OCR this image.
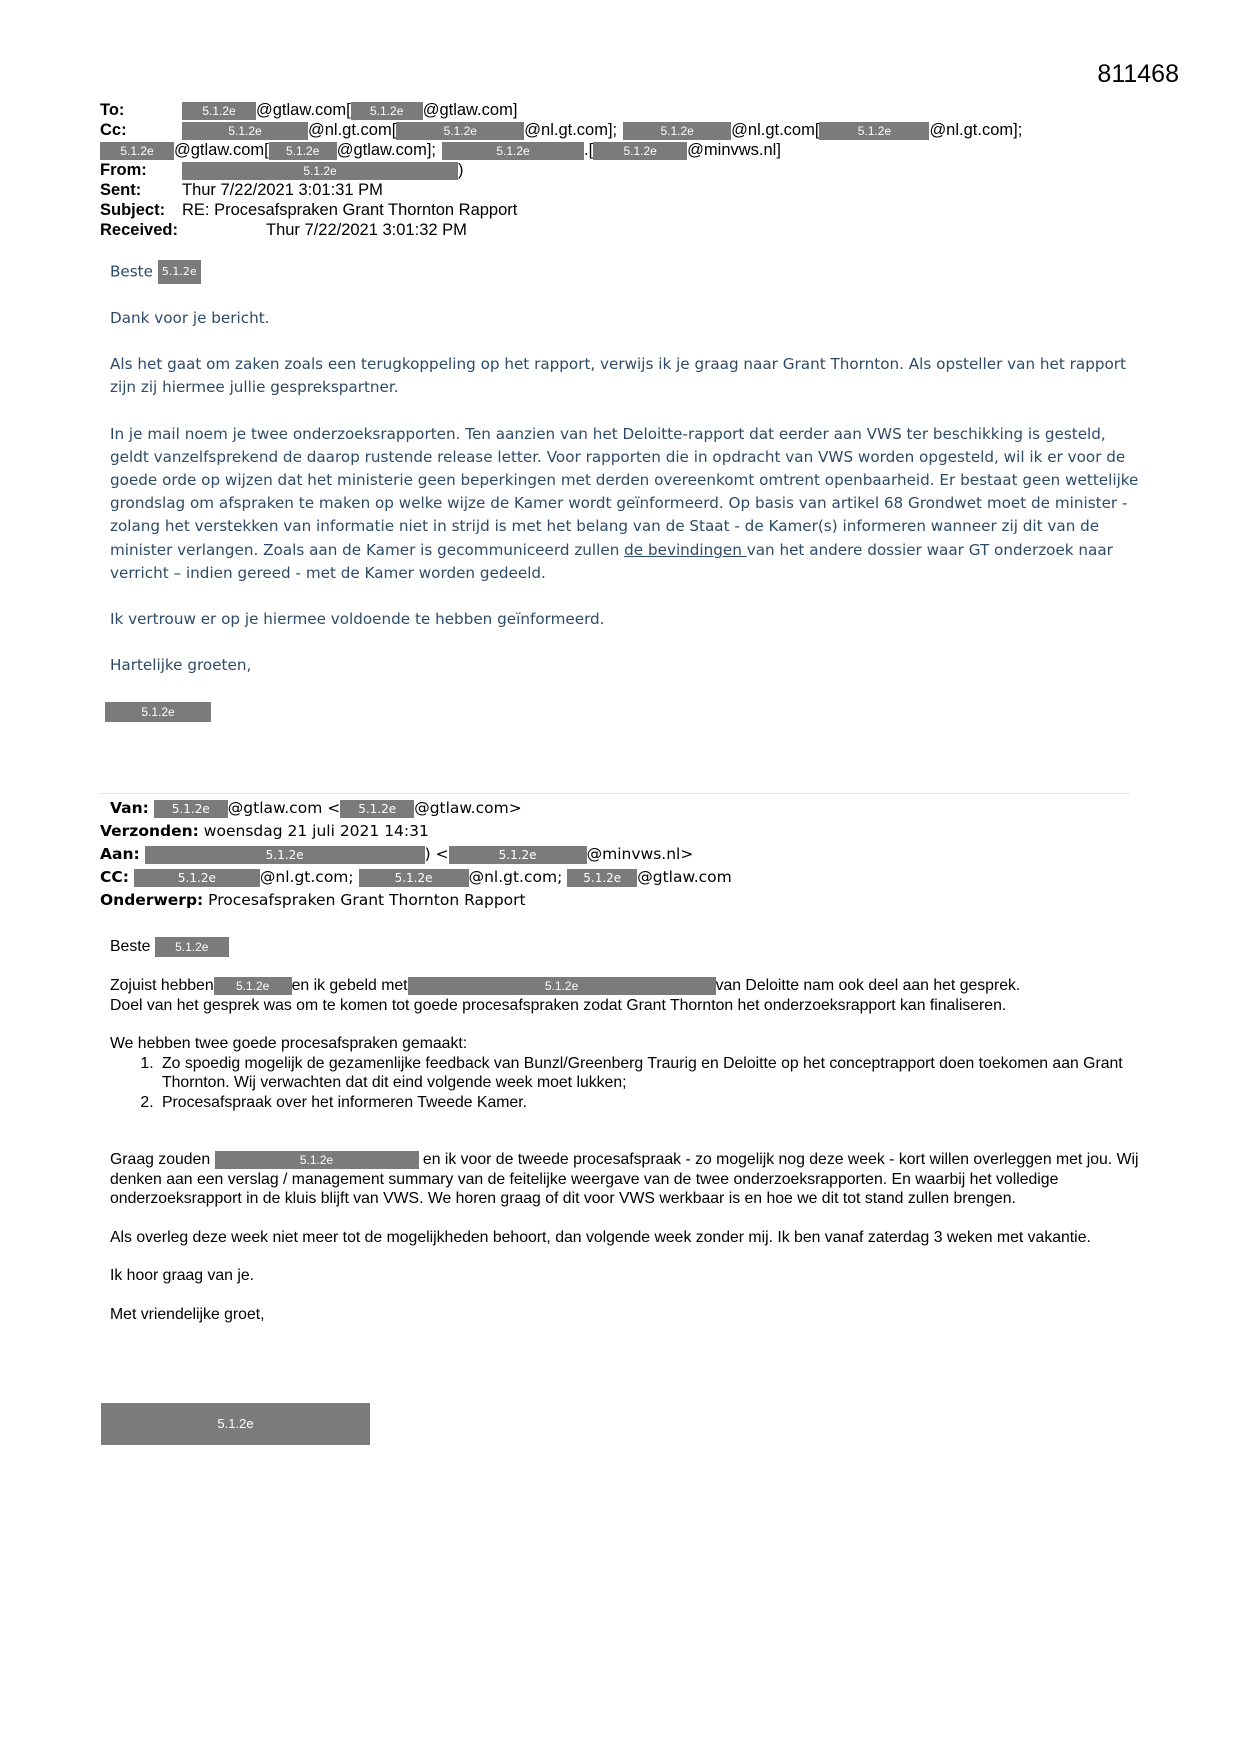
811468
To:	5.1.2e	@gtlaw.com[	5.1.2e	@gtlaw.com]
Cc:	5.1.2e	@nl.gt.com[	5.1.2e	@nl.gt.com];	5.1.2e	@nl.gt.com[	5.1.2e	@nl.gt.com];
5.1.2e	@gtlaw.com[	5.1.2e	@gtlaw.com];	5.1.2e	.[	5.1.2e	@minvws.nl]
From:	5.1.2e	)
Sent:	Thur 7/22/2021 3:01:31 PM
Subject:	RE: Procesafspraken Grant Thornton Rapport
Received:	Thur 7/22/2021 3:01:32 PM

Beste 5.1.2e

Dank voor je bericht.

Als het gaat om zaken zoals een terugkoppeling op het rapport, verwijs ik je graag naar Grant Thornton. Als opsteller van het rapport zijn zij hiermee jullie gesprekspartner.

In je mail noem je twee onderzoeksrapporten. Ten aanzien van het Deloitte-rapport dat eerder aan VWS ter beschikking is gesteld, geldt vanzelfsprekend de daarop rustende release letter. Voor rapporten die in opdracht van VWS worden opgesteld, wil ik er voor de goede orde op wijzen dat het ministerie geen beperkingen met derden overeenkomt omtrent openbaarheid. Er bestaat geen wettelijke grondslag om afspraken te maken op welke wijze de Kamer wordt geïnformeerd. Op basis van artikel 68 Grondwet moet de minister - zolang het verstekken van informatie niet in strijd is met het belang van de Staat - de Kamer(s) informeren wanneer zij dit van de minister verlangen. Zoals aan de Kamer is gecommuniceerd zullen de bevindingen van het andere dossier waar GT onderzoek naar verricht – indien gereed - met de Kamer worden gedeeld.

Ik vertrouw er op je hiermee voldoende te hebben geïnformeerd.

Hartelijke groeten,

5.1.2e
Van: 5.1.2e @gtlaw.com < 5.1.2e @gtlaw.com>
Verzonden: woensdag 21 juli 2021 14:31
Aan:	5.1.2e	) <	5.1.2e	@minvws.nl>
CC:	5.1.2e	@nl.gt.com;	5.1.2e @nl.gt.com; 5.1.2e @gtlaw.com
Onderwerp: Procesafspraken Grant Thornton Rapport

Beste 5.1.2e

Zojuist hebben 5.1.2e en ik gebeld met	5.1.2e	van Deloitte nam ook deel aan het gesprek.
Doel van het gesprek was om te komen tot goede procesafspraken zodat Grant Thornton het onderzoeksrapport kan finaliseren.

We hebben twee goede procesafspraken gemaakt:
1. Zo spoedig mogelijk de gezamenlijke feedback van Bunzl/Greenberg Traurig en Deloitte op het conceptrapport doen toekomen aan Grant Thornton. Wij verwachten dat dit eind volgende week moet lukken;
2. Procesafspraak over het informeren Tweede Kamer.

Graag zouden	5.1.2e	en ik voor de tweede procesafspraak - zo mogelijk nog deze week - kort willen overleggen met jou. Wij denken aan een verslag / management summary van de feitelijke weergave van de twee onderzoeksrapporten. En waarbij het volledige onderzoeksrapport in de kluis blijft van VWS. We horen graag of dit voor VWS werkbaar is en hoe we dit tot stand zullen brengen.

Als overleg deze week niet meer tot de mogelijkheden behoort, dan volgende week zonder mij. Ik ben vanaf zaterdag 3 weken met vakantie.

Ik hoor graag van je.

Met vriendelijke groet,

5.1.2e
